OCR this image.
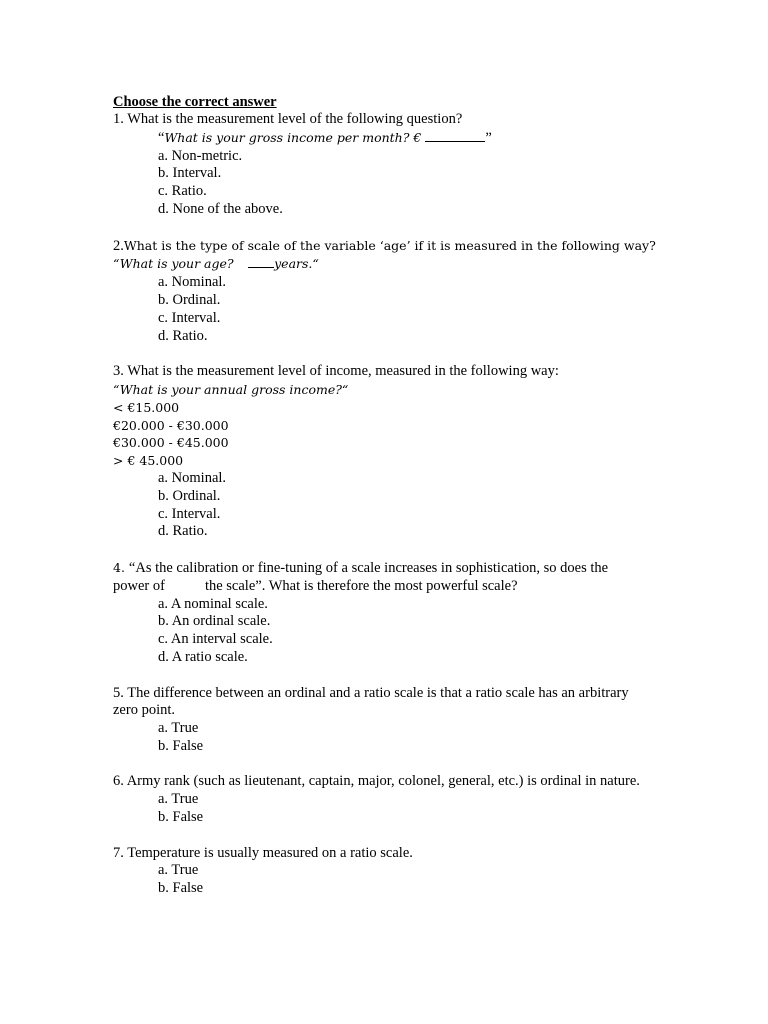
Choose the correct answer
1. What is the measurement level of the following question?
“What is your gross income per month? €	”
a. Non-metric.
b. Interval.
c. Ratio.
d. None of the above.
2.What is the type of scale of the variable ‘age’ if it is measured in the following way?
“What is your age?	years.“
a. Nominal.
b. Ordinal.
c. Interval.
d. Ratio.
3. What is the measurement level of income, measured in the following way:
“What is your annual gross income?“
< €15.000
€20.000 - €30.000
€30.000 - €45.000
> € 45.000
a. Nominal.
b. Ordinal.
c. Interval.
d. Ratio.
4. “As the calibration or fine-tuning of a scale increases in sophistication, so does the
power of	the scale”. What is therefore the most powerful scale?
a. A nominal scale.
b. An ordinal scale.
c. An interval scale.
d. A ratio scale.
5. The difference between an ordinal and a ratio scale is that a ratio scale has an arbitrary zero point.
a. True
b. False
6. Army rank (such as lieutenant, captain, major, colonel, general, etc.) is ordinal in nature.
a. True
b. False
7. Temperature is usually measured on a ratio scale.
a. True
b. False
